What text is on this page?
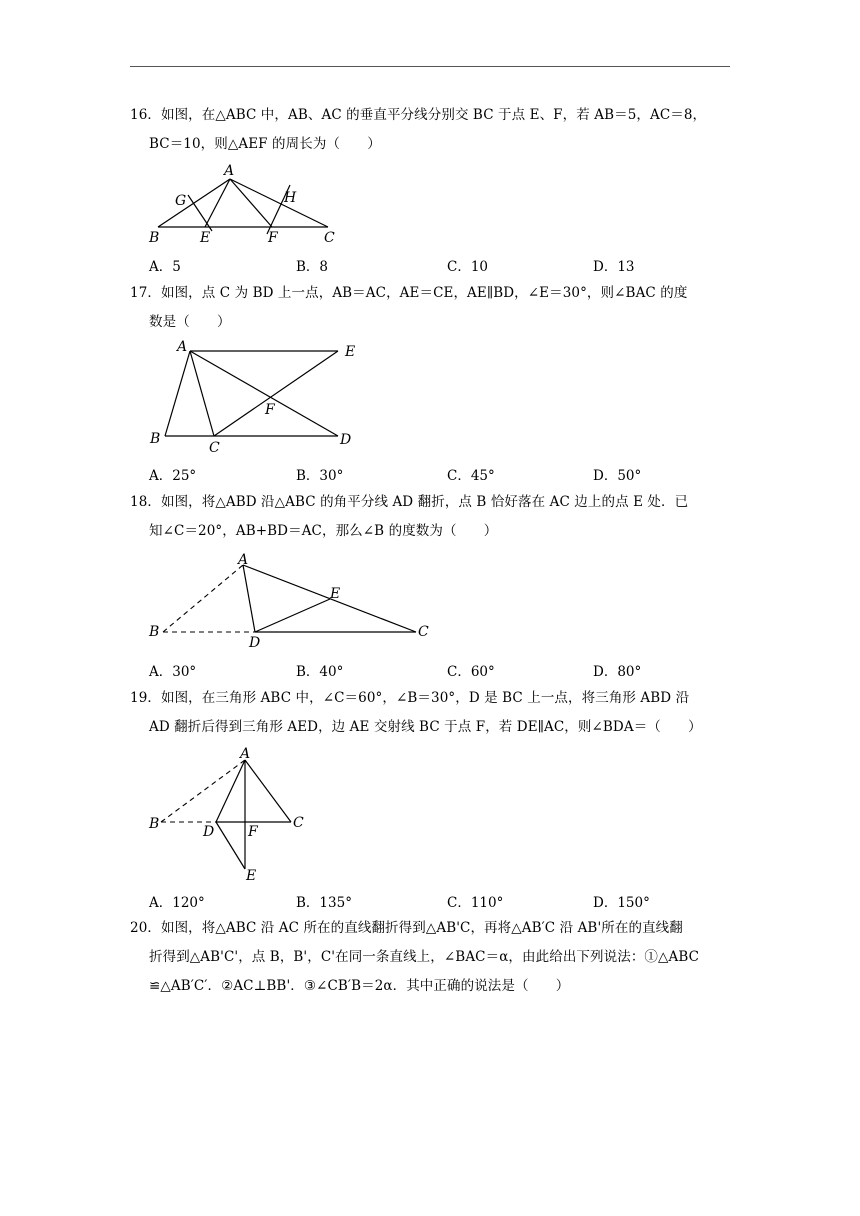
16．如图，在△ABC 中，AB、AC 的垂直平分线分别交 BC 于点 E、F，若 AB＝5，AC＝8，

BC＝10，则△AEF 的周长为（　　）

A
G	H
B	E	F	C
A．5	B．8	C．10	D．13

17．如图，点 C 为 BD 上一点，AB＝AC，AE＝CE，AE∥BD，∠E＝30°，则∠BAC 的度

数是（　　）

A	E
F
B
C	D
A．25°	B．30°	C．45°	D．50°

18．如图，将△ABD 沿△ABC 的角平分线 AD 翻折，点 B 恰好落在 AC 边上的点 E 处．已

知∠C＝20°，AB+BD＝AC，那么∠B 的度数为（　　）

A
E
B
D
C
A．30°	B．40°	C．60°	D．80°

19．如图，在三角形 ABC 中，∠C＝60°，∠B＝30°，D 是 BC 上一点，将三角形 ABD 沿

AD 翻折后得到三角形 AED，边 AE 交射线 BC 于点 F，若 DE∥AC，则∠BDA＝（　　）

A
B	D F
C
E
A．120°	B．135°	C．110°	D．150°

20．如图，将△ABC 沿 AC 所在的直线翻折得到△AB'C，再将△AB′C 沿 AB'所在的直线翻

折得到△AB'C'，点 B，B'，C'在同一条直线上，∠BAC＝α，由此给出下列说法：①△ABC

≌△AB′C′．②AC⊥BB'．③∠CB′B＝2α．其中正确的说法是（　　）
